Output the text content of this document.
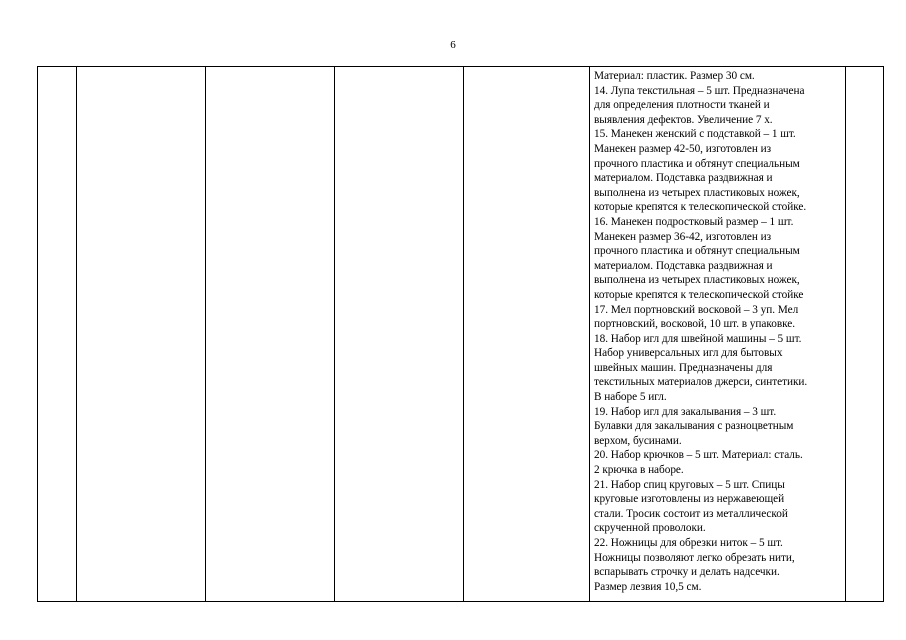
6

Материал: пластик. Размер 30 см.
14. Лупа текстильная – 5 шт. Предназначена
для определения плотности тканей и
выявления дефектов. Увеличение 7 х.
15. Манекен женский с подставкой – 1 шт.
Манекен размер 42-50, изготовлен из
прочного пластика и обтянут специальным
материалом. Подставка раздвижная и
выполнена из четырех пластиковых ножек,
которые крепятся к телескопической стойке.
16. Манекен подростковый размер – 1 шт.
Манекен размер 36-42, изготовлен из
прочного пластика и обтянут специальным
материалом. Подставка раздвижная и
выполнена из четырех пластиковых ножек,
которые крепятся к телескопической стойке
17. Мел портновский восковой – 3 уп. Мел
портновский, восковой, 10 шт. в упаковке.
18. Набор игл для швейной машины – 5 шт.
Набор универсальных игл для бытовых
швейных машин. Предназначены для
текстильных материалов джерси, синтетики.
В наборе 5 игл.
19. Набор игл для закалывания – 3 шт.
Булавки для закалывания с разноцветным
верхом, бусинами.
20. Набор крючков – 5 шт. Материал: сталь.
2 крючка в наборе.
21. Набор спиц круговых – 5 шт. Спицы
круговые изготовлены из нержавеющей
стали. Тросик состоит из металлической
скрученной проволоки.
22. Ножницы для обрезки ниток – 5 шт.
Ножницы позволяют легко обрезать нити,
вспарывать строчку и делать надсечки.
Размер лезвия 10,5 см.
